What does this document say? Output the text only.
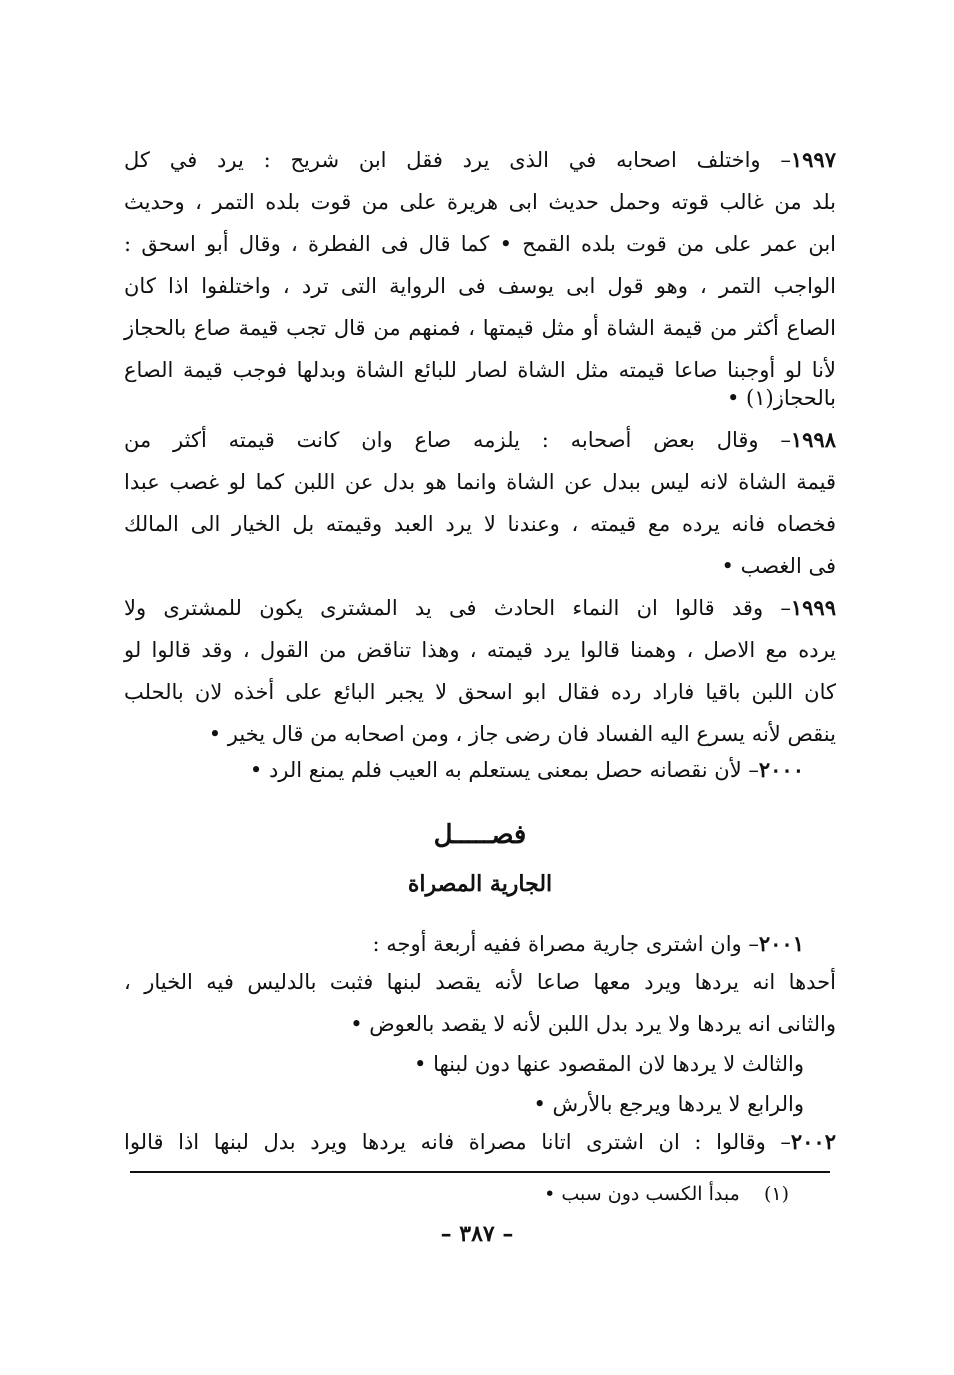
١٩٩٧– واختلف اصحابه في الذى يرد فقل ابن شريح : يرد في كل
بلد من غالب قوته وحمل حديث ابى هريرة على من قوت بلده التمر ، وحديث
ابن عمر على من قوت بلده القمح • كما قال فى الفطرة ، وقال أبو اسحق :
الواجب التمر ، وهو قول ابى يوسف فى الرواية التى ترد ، واختلفوا اذا كان
الصاع أكثر من قيمة الشاة أو مثل قيمتها ، فمنهم من قال تجب قيمة صاع بالحجاز
لأنا لو أوجبنا صاعا قيمته مثل الشاة لصار للبائع الشاة وبدلها فوجب قيمة الصاع
بالحجاز(١) •
١٩٩٨– وقال بعض أصحابه : يلزمه صاع وان كانت قيمته أكثر من
قيمة الشاة لانه ليس ببدل عن الشاة وانما هو بدل عن اللبن كما لو غصب عبدا
فخصاه فانه يرده مع قيمته ، وعندنا لا يرد العبد وقيمته بل الخيار الى المالك
فى الغصب •
١٩٩٩– وقد قالوا ان النماء الحادث فى يد المشترى يكون للمشترى ولا
يرده مع الاصل ، وهمنا قالوا يرد قيمته ، وهذا تناقض من القول ، وقد قالوا لو
كان اللبن باقيا فاراد رده فقال ابو اسحق لا يجبر البائع على أخذه لان بالحلب
ينقص لأنه يسرع اليه الفساد فان رضى جاز ، ومن اصحابه من قال يخير •
٢٠٠٠– لأن نقصانه حصل بمعنى يستعلم به العيب فلم يمنع الرد •
فصـــــل
الجارية المصراة
٢٠٠١– وان اشترى جارية مصراة ففيه أربعة أوجه :
أحدها انه يردها ويرد معها صاعا لأنه يقصد لبنها فثبت بالدليس فيه الخيار ،
والثانى انه يردها ولا يرد بدل اللبن لأنه لا يقصد بالعوض •
والثالث لا يردها لان المقصود عنها دون لبنها •
والرابع لا يردها ويرجع بالأرش •
٢٠٠٢– وقالوا : ان اشترى اتانا مصراة فانه يردها ويرد بدل لبنها اذا قالوا
(١)    مبدأ الكسب دون سبب •
– ٣٨٧ –
